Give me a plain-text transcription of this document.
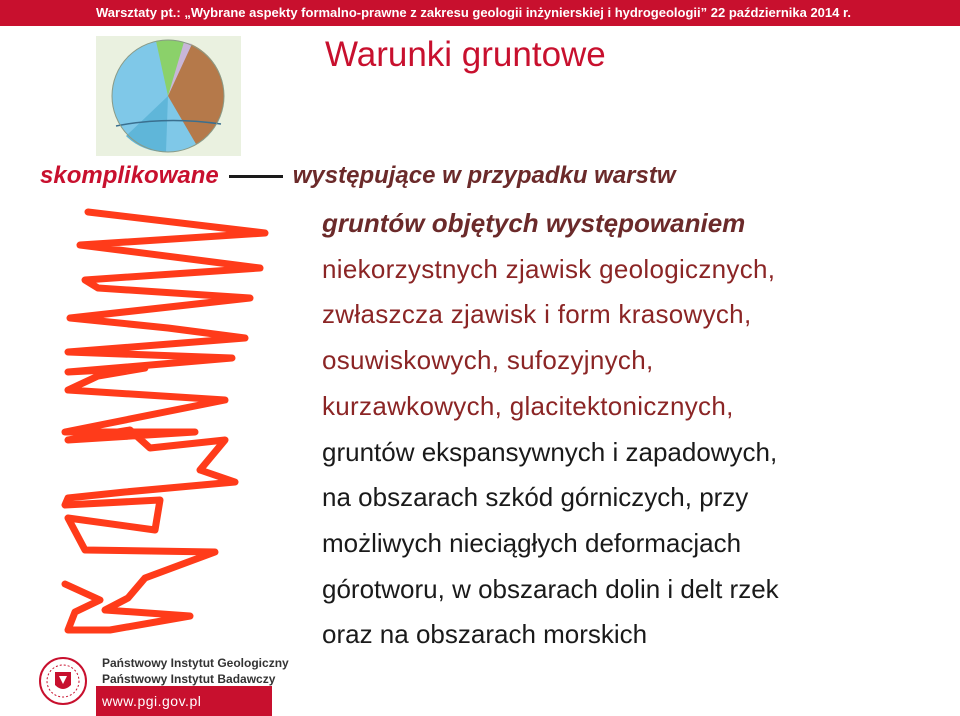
Warsztaty pt.: „Wybrane aspekty formalno-prawne z zakresu geologii inżynierskiej i hydrogeologii” 22 października 2014 r.
Warunki gruntowe
skomplikowane	występujące w przypadku warstw
gruntów objętych występowaniem
niekorzystnych zjawisk geologicznych,
zwłaszcza zjawisk i form krasowych,
osuwiskowych, sufozyjnych,
kurzawkowych, glacitektonicznych,
gruntów ekspansywnych i zapadowych,
na obszarach szkód górniczych, przy
możliwych nieciągłych deformacjach
górotworu, w obszarach dolin i delt rzek
oraz na obszarach morskich
Państwowy Instytut Geologiczny
Państwowy Instytut Badawczy
www.pgi.gov.pl
